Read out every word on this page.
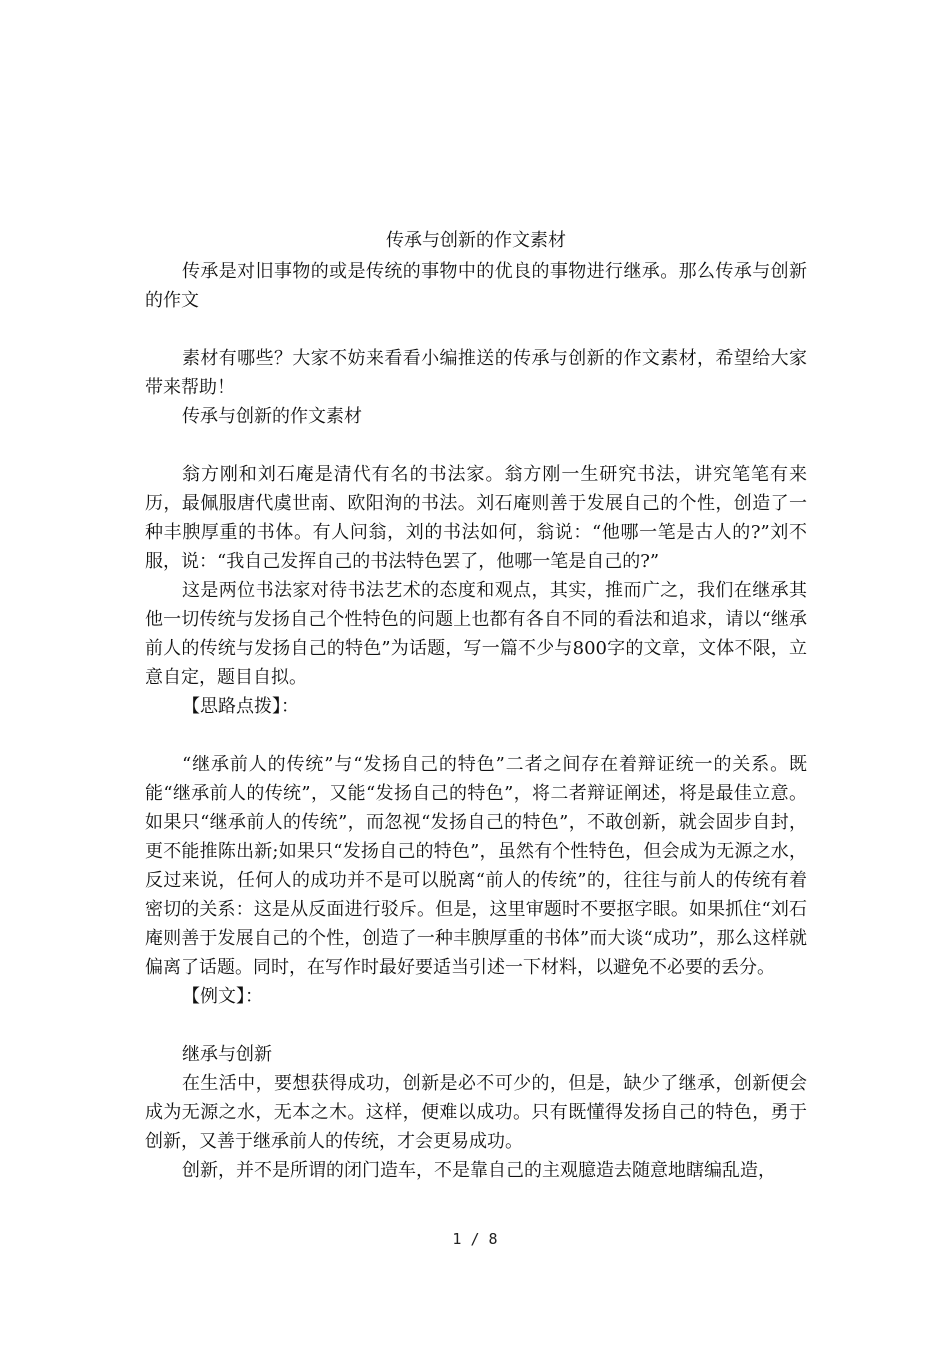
传承与创新的作文素材

传承是对旧事物的或是传统的事物中的优良的事物进行继承。那么传承与创新的作文

素材有哪些？大家不妨来看看小编推送的传承与创新的作文素材，希望给大家带来帮助！

传承与创新的作文素材

翁方刚和刘石庵是清代有名的书法家。翁方刚一生研究书法，讲究笔笔有来历，最佩服唐代虞世南、欧阳洵的书法。刘石庵则善于发展自己的个性，创造了一种丰腴厚重的书体。有人问翁，刘的书法如何，翁说：“他哪一笔是古人的?”刘不服，说：“我自己发挥自己的书法特色罢了，他哪一笔是自己的?”

这是两位书法家对待书法艺术的态度和观点，其实，推而广之，我们在继承其他一切传统与发扬自己个性特色的问题上也都有各自不同的看法和追求，请以“继承前人的传统与发扬自己的特色”为话题，写一篇不少与800字的文章，文体不限，立意自定，题目自拟。

【思路点拨】：

“继承前人的传统”与“发扬自己的特色”二者之间存在着辩证统一的关系。既能“继承前人的传统”，又能“发扬自己的特色”，将二者辩证阐述，将是最佳立意。如果只“继承前人的传统”，而忽视“发扬自己的特色”，不敢创新，就会固步自封，更不能推陈出新;如果只“发扬自己的特色”，虽然有个性特色，但会成为无源之水，反过来说，任何人的成功并不是可以脱离“前人的传统”的，往往与前人的传统有着密切的关系：这是从反面进行驳斥。但是，这里审题时不要抠字眼。如果抓住“刘石庵则善于发展自己的个性，创造了一种丰腴厚重的书体”而大谈“成功”，那么这样就偏离了话题。同时，在写作时最好要适当引述一下材料，以避免不必要的丢分。

【例文】：

继承与创新

在生活中，要想获得成功，创新是必不可少的，但是，缺少了继承，创新便会成为无源之水，无本之木。这样，便难以成功。只有既懂得发扬自己的特色，勇于创新，又善于继承前人的传统，才会更易成功。

创新，并不是所谓的闭门造车，不是靠自己的主观臆造去随意地瞎编乱造，

1 / 8
